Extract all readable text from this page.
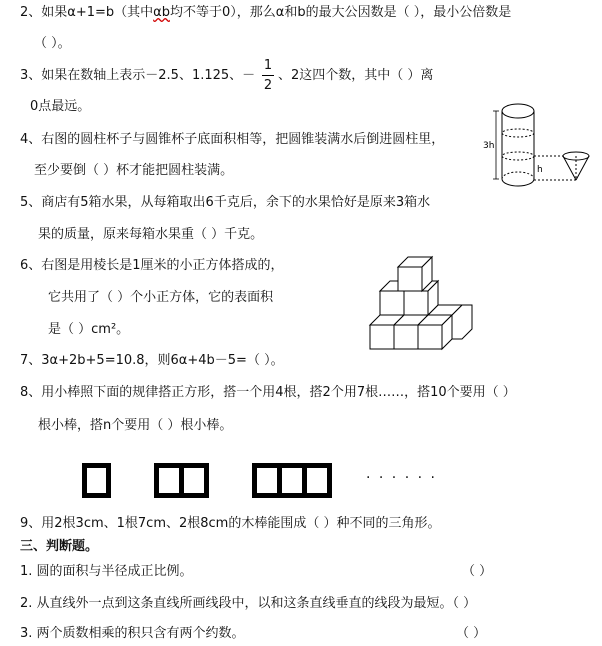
2、如果α+1=b（其中αb均不等于0），那么α和b的最大公因数是（ ），最小公倍数是
（ ）。
3、如果在数轴上表示－2.5、1.125、－
1
2
、2这四个数，其中（ ）离
0点最远。
4、右图的圆柱杯子与圆锥杯子底面积相等，把圆锥装满水后倒进圆柱里，
至少要倒（ ）杯才能把圆柱装满。
3h
h
5、商店有5箱水果，从每箱取出6千克后，余下的水果恰好是原来3箱水
果的质量，原来每箱水果重（ ）千克。
6、右图是用棱长是1厘米的小正方体搭成的，
它共用了（ ）个小正方体，它的表面积
是（ ）cm²。
7、3α+2b+5=10.8，则6α+4b－5=（ ）。
8、用小棒照下面的规律搭正方形，搭一个用4根，搭2个用7根……，搭10个要用（ ）
根小棒，搭n个要用（ ）根小棒。
· · · · · ·
9、用2根3cm、1根7cm、2根8cm的木棒能围成（ ）种不同的三角形。
三、判断题。
1. 圆的面积与半径成正比例。	（ ）
2. 从直线外一点到这条直线所画线段中，以和这条直线垂直的线段为最短。（ ）
3. 两个质数相乘的积只含有两个约数。	（ ）
